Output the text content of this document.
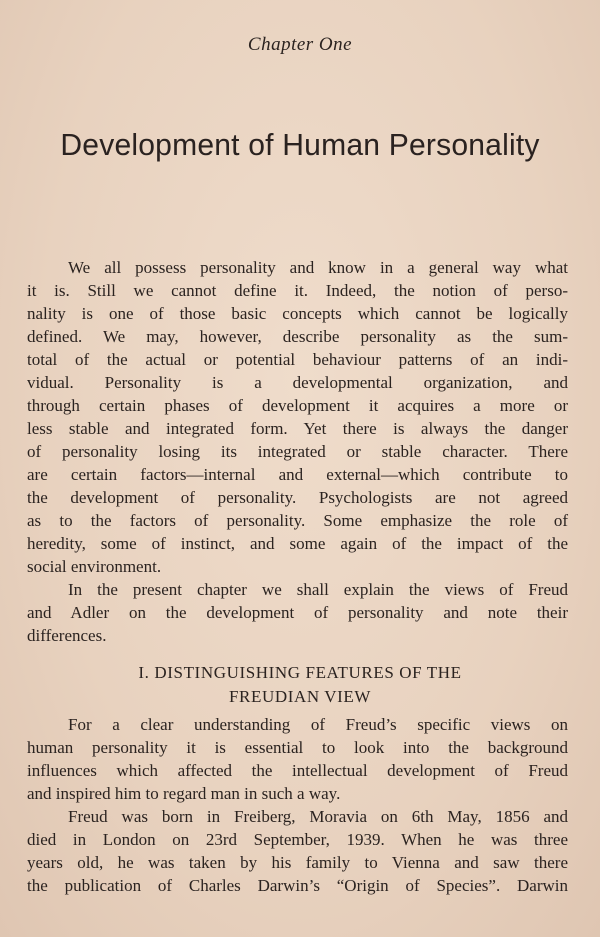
Chapter One
Development of Human Personality
We all possess personality and know in a general way what
it is. Still we cannot define it. Indeed, the notion of perso-
nality is one of those basic concepts which cannot be logically
defined. We may, however, describe personality as the sum-
total of the actual or potential behaviour patterns of an indi-
vidual. Personality is a developmental organization, and
through certain phases of development it acquires a more or
less stable and integrated form. Yet there is always the danger
of personality losing its integrated or stable character. There
are certain factors—internal and external—which contribute to
the development of personality. Psychologists are not agreed
as to the factors of personality. Some emphasize the role of
heredity, some of instinct, and some again of the impact of the
social environment.
In the present chapter we shall explain the views of Freud
and Adler on the development of personality and note their
differences.
I. DISTINGUISHING FEATURES OF THE
FREUDIAN VIEW
For a clear understanding of Freud’s specific views on
human personality it is essential to look into the background
influences which affected the intellectual development of Freud
and inspired him to regard man in such a way.
Freud was born in Freiberg, Moravia on 6th May, 1856 and
died in London on 23rd September, 1939. When he was three
years old, he was taken by his family to Vienna and saw there
the publication of Charles Darwin’s “Origin of Species”. Darwin
